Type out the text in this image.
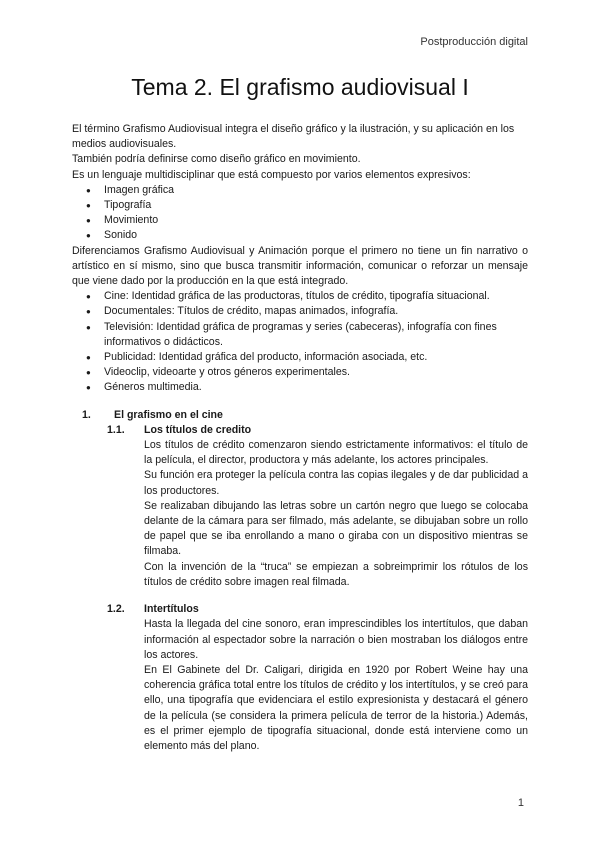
Postproducción digital
Tema 2. El grafismo audiovisual I

El término Grafismo Audiovisual integra el diseño gráfico y la ilustración, y su aplicación en los medios audiovisuales.

También podría definirse como diseño gráfico en movimiento.

Es un lenguaje multidisciplinar que está compuesto por varios elementos expresivos:

● Imagen gráfica
● Tipografía
● Movimiento
● Sonido

Diferenciamos Grafismo Audiovisual y Animación porque el primero no tiene un fin narrativo o artístico en sí mismo, sino que busca transmitir información, comunicar o reforzar un mensaje que viene dado por la producción en la que está integrado.

● Cine: Identidad gráfica de las productoras, títulos de crédito, tipografía situacional.
● Documentales: Títulos de crédito, mapas animados, infografía.
● Televisión: Identidad gráfica de programas y series (cabeceras), infografía con fines informativos o didácticos.
● Publicidad: Identidad gráfica del producto, información asociada, etc.
● Videoclip, videoarte y otros géneros experimentales.
● Géneros multimedia.
1.	El grafismo en el cine
1.1.	Los títulos de credito

Los títulos de crédito comenzaron siendo estrictamente informativos: el título de la película, el director, productora y más adelante, los actores principales.

Su función era proteger la película contra las copias ilegales y de dar publicidad a los productores.

Se realizaban dibujando las letras sobre un cartón negro que luego se colocaba delante de la cámara para ser filmado, más adelante, se dibujaban sobre un rollo de papel que se iba enrollando a mano o giraba con un dispositivo mientras se filmaba.

Con la invención de la “truca” se empiezan a sobreimprimir los rótulos de los títulos de crédito sobre imagen real filmada.

1.2.	Intertítulos

Hasta la llegada del cine sonoro, eran imprescindibles los intertítulos, que daban información al espectador sobre la narración o bien mostraban los diálogos entre los actores.

En El Gabinete del Dr. Caligari, dirigida en 1920 por Robert Weine hay una coherencia gráfica total entre los títulos de crédito y los intertítulos, y se creó para ello, una tipografía que evidenciara el estilo expresionista y destacará el género de la película (se considera la primera película de terror de la historia.) Además, es el primer ejemplo de tipografía situacional, donde está interviene como un elemento más del plano.

1
